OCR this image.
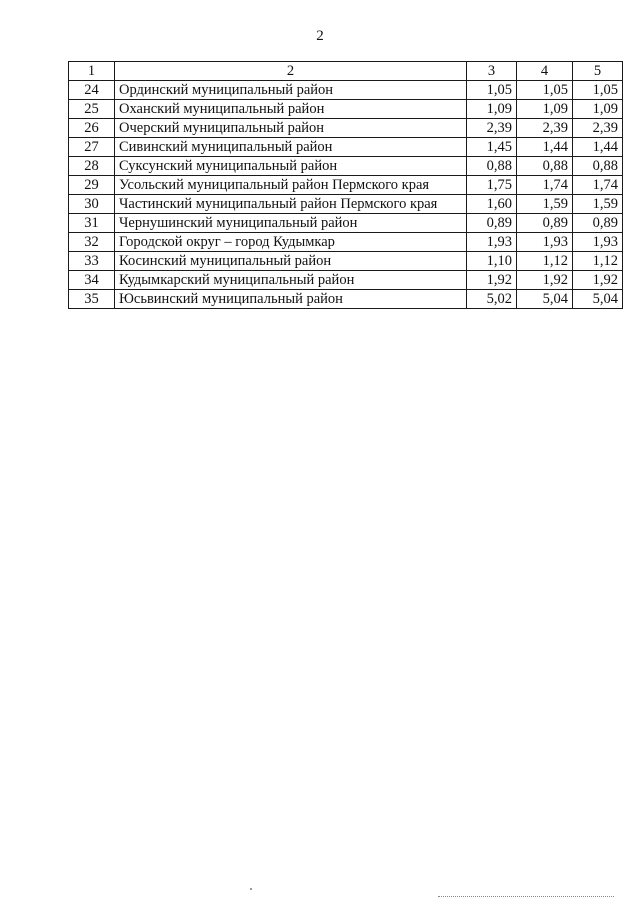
2
1	2	3	4	5
24	Ординский муниципальный район	1,05	1,05	1,05
25	Оханский муниципальный район	1,09	1,09	1,09
26	Очерский муниципальный район	2,39	2,39	2,39
27	Сивинский муниципальный район	1,45	1,44	1,44
28	Суксунский муниципальный район	0,88	0,88	0,88
29	Усольский муниципальный район Пермского края	1,75	1,74	1,74
30	Частинский муниципальный район Пермского края	1,60	1,59	1,59
31	Чернушинский муниципальный район	0,89	0,89	0,89
32	Городской округ – город Кудымкар	1,93	1,93	1,93
33	Косинский муниципальный район	1,10	1,12	1,12
34	Кудымкарский муниципальный район	1,92	1,92	1,92
35	Юсьвинский муниципальный район	5,02	5,04	5,04
